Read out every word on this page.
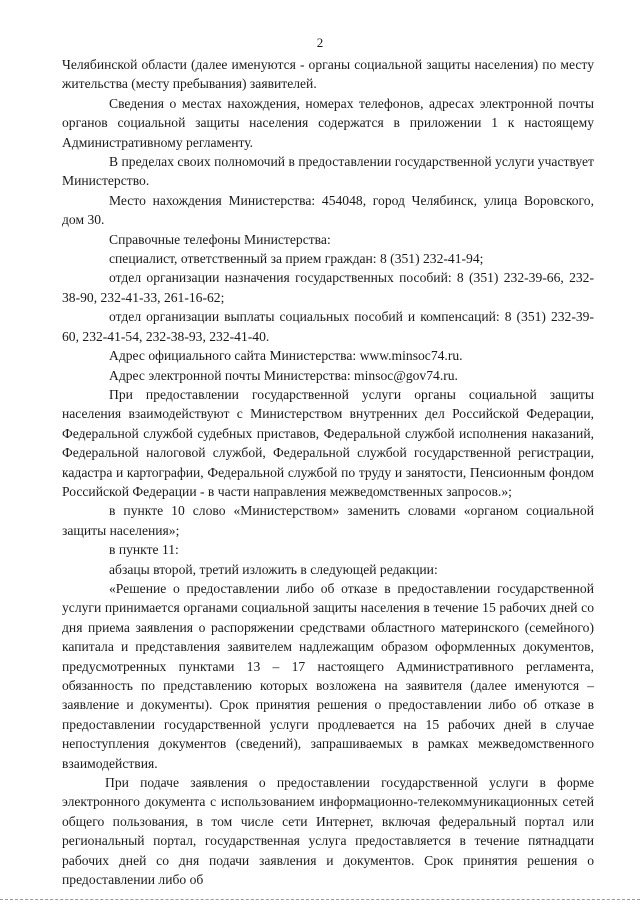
2

Челябинской области (далее именуются - органы социальной защиты населения) по месту жительства (месту пребывания) заявителей.

Сведения о местах нахождения, номерах телефонов, адресах электронной почты органов социальной защиты населения содержатся в приложении 1 к настоящему Административному регламенту.

В пределах своих полномочий в предоставлении государственной услуги участвует Министерство.

Место нахождения Министерства: 454048, город Челябинск, улица Воровского, дом 30.

Справочные телефоны Министерства:

специалист, ответственный за прием граждан: 8 (351) 232-41-94;

отдел организации назначения государственных пособий: 8 (351) 232-39-66, 232-38-90, 232-41-33, 261-16-62;

отдел организации выплаты социальных пособий и компенсаций: 8 (351) 232-39-60, 232-41-54, 232-38-93, 232-41-40.

Адрес официального сайта Министерства: www.minsoc74.ru.

Адрес электронной почты Министерства: minsoc@gov74.ru.

При предоставлении государственной услуги органы социальной защиты населения взаимодействуют с Министерством внутренних дел Российской Федерации, Федеральной службой судебных приставов, Федеральной службой исполнения наказаний, Федеральной налоговой службой, Федеральной службой государственной регистрации, кадастра и картографии, Федеральной службой по труду и занятости, Пенсионным фондом Российской Федерации - в части направления межведомственных запросов.»;

в пункте 10 слово «Министерством» заменить словами «органом социальной защиты населения»;

в пункте 11:

абзацы второй, третий изложить в следующей редакции:

«Решение о предоставлении либо об отказе в предоставлении государственной услуги принимается органами социальной защиты населения в течение 15 рабочих дней со дня приема заявления о распоряжении средствами областного материнского (семейного) капитала и представления заявителем надлежащим образом оформленных документов, предусмотренных пунктами 13 – 17 настоящего Административного регламента, обязанность по представлению которых возложена на заявителя (далее именуются – заявление и документы). Срок принятия решения о предоставлении либо об отказе в предоставлении государственной услуги продлевается на 15 рабочих дней в случае непоступления документов (сведений), запрашиваемых в рамках межведомственного взаимодействия.

При подаче заявления о предоставлении государственной услуги в форме электронного документа с использованием информационно-телекоммуникационных сетей общего пользования, в том числе сети Интернет, включая федеральный портал или региональный портал, государственная услуга предоставляется в течение пятнадцати рабочих дней со дня подачи заявления и документов. Срок принятия решения о предоставлении либо об
